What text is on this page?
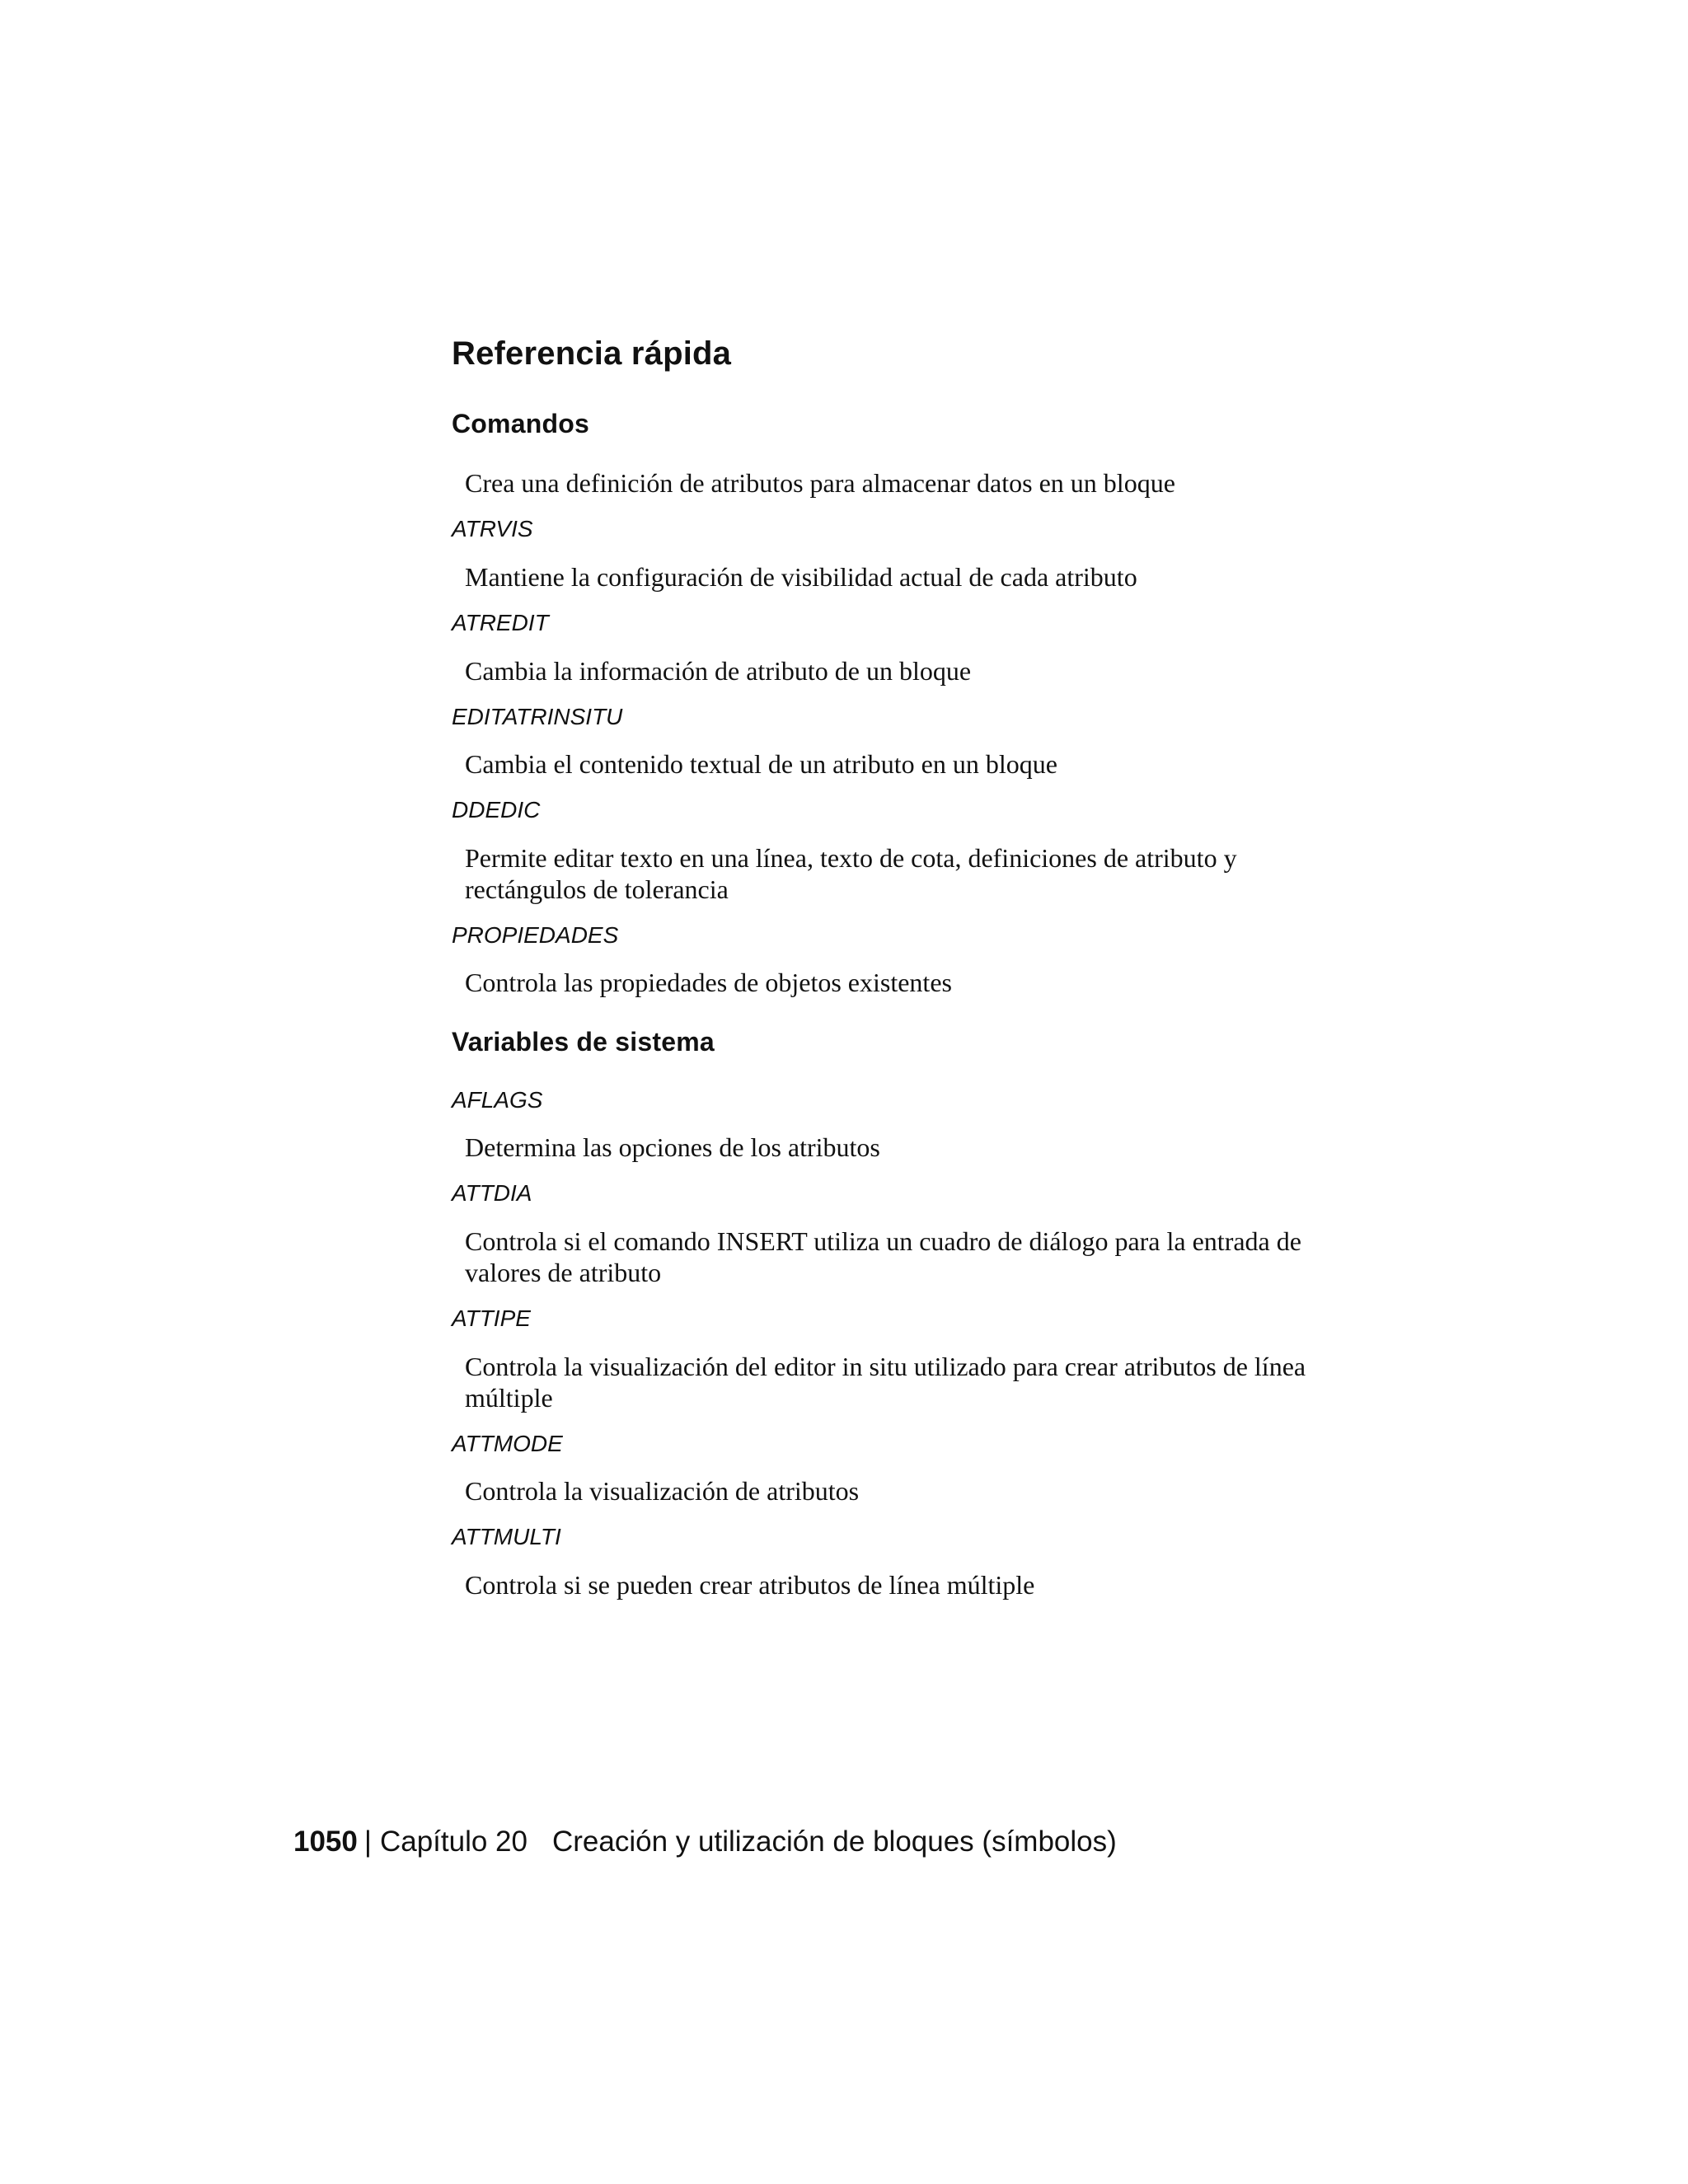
Referencia rápida
Comandos
Crea una definición de atributos para almacenar datos en un bloque
ATRVIS
Mantiene la configuración de visibilidad actual de cada atributo
ATREDIT
Cambia la información de atributo de un bloque
EDITATRINSITU
Cambia el contenido textual de un atributo en un bloque
DDEDIC
Permite editar texto en una línea, texto de cota, definiciones de atributo y rectángulos de tolerancia
PROPIEDADES
Controla las propiedades de objetos existentes
Variables de sistema
AFLAGS
Determina las opciones de los atributos
ATTDIA
Controla si el comando INSERT utiliza un cuadro de diálogo para la entrada de valores de atributo
ATTIPE
Controla la visualización del editor in situ utilizado para crear atributos de línea múltiple
ATTMODE
Controla la visualización de atributos
ATTMULTI
Controla si se pueden crear atributos de línea múltiple
1050 | Capítulo 20 Creación y utilización de bloques (símbolos)
